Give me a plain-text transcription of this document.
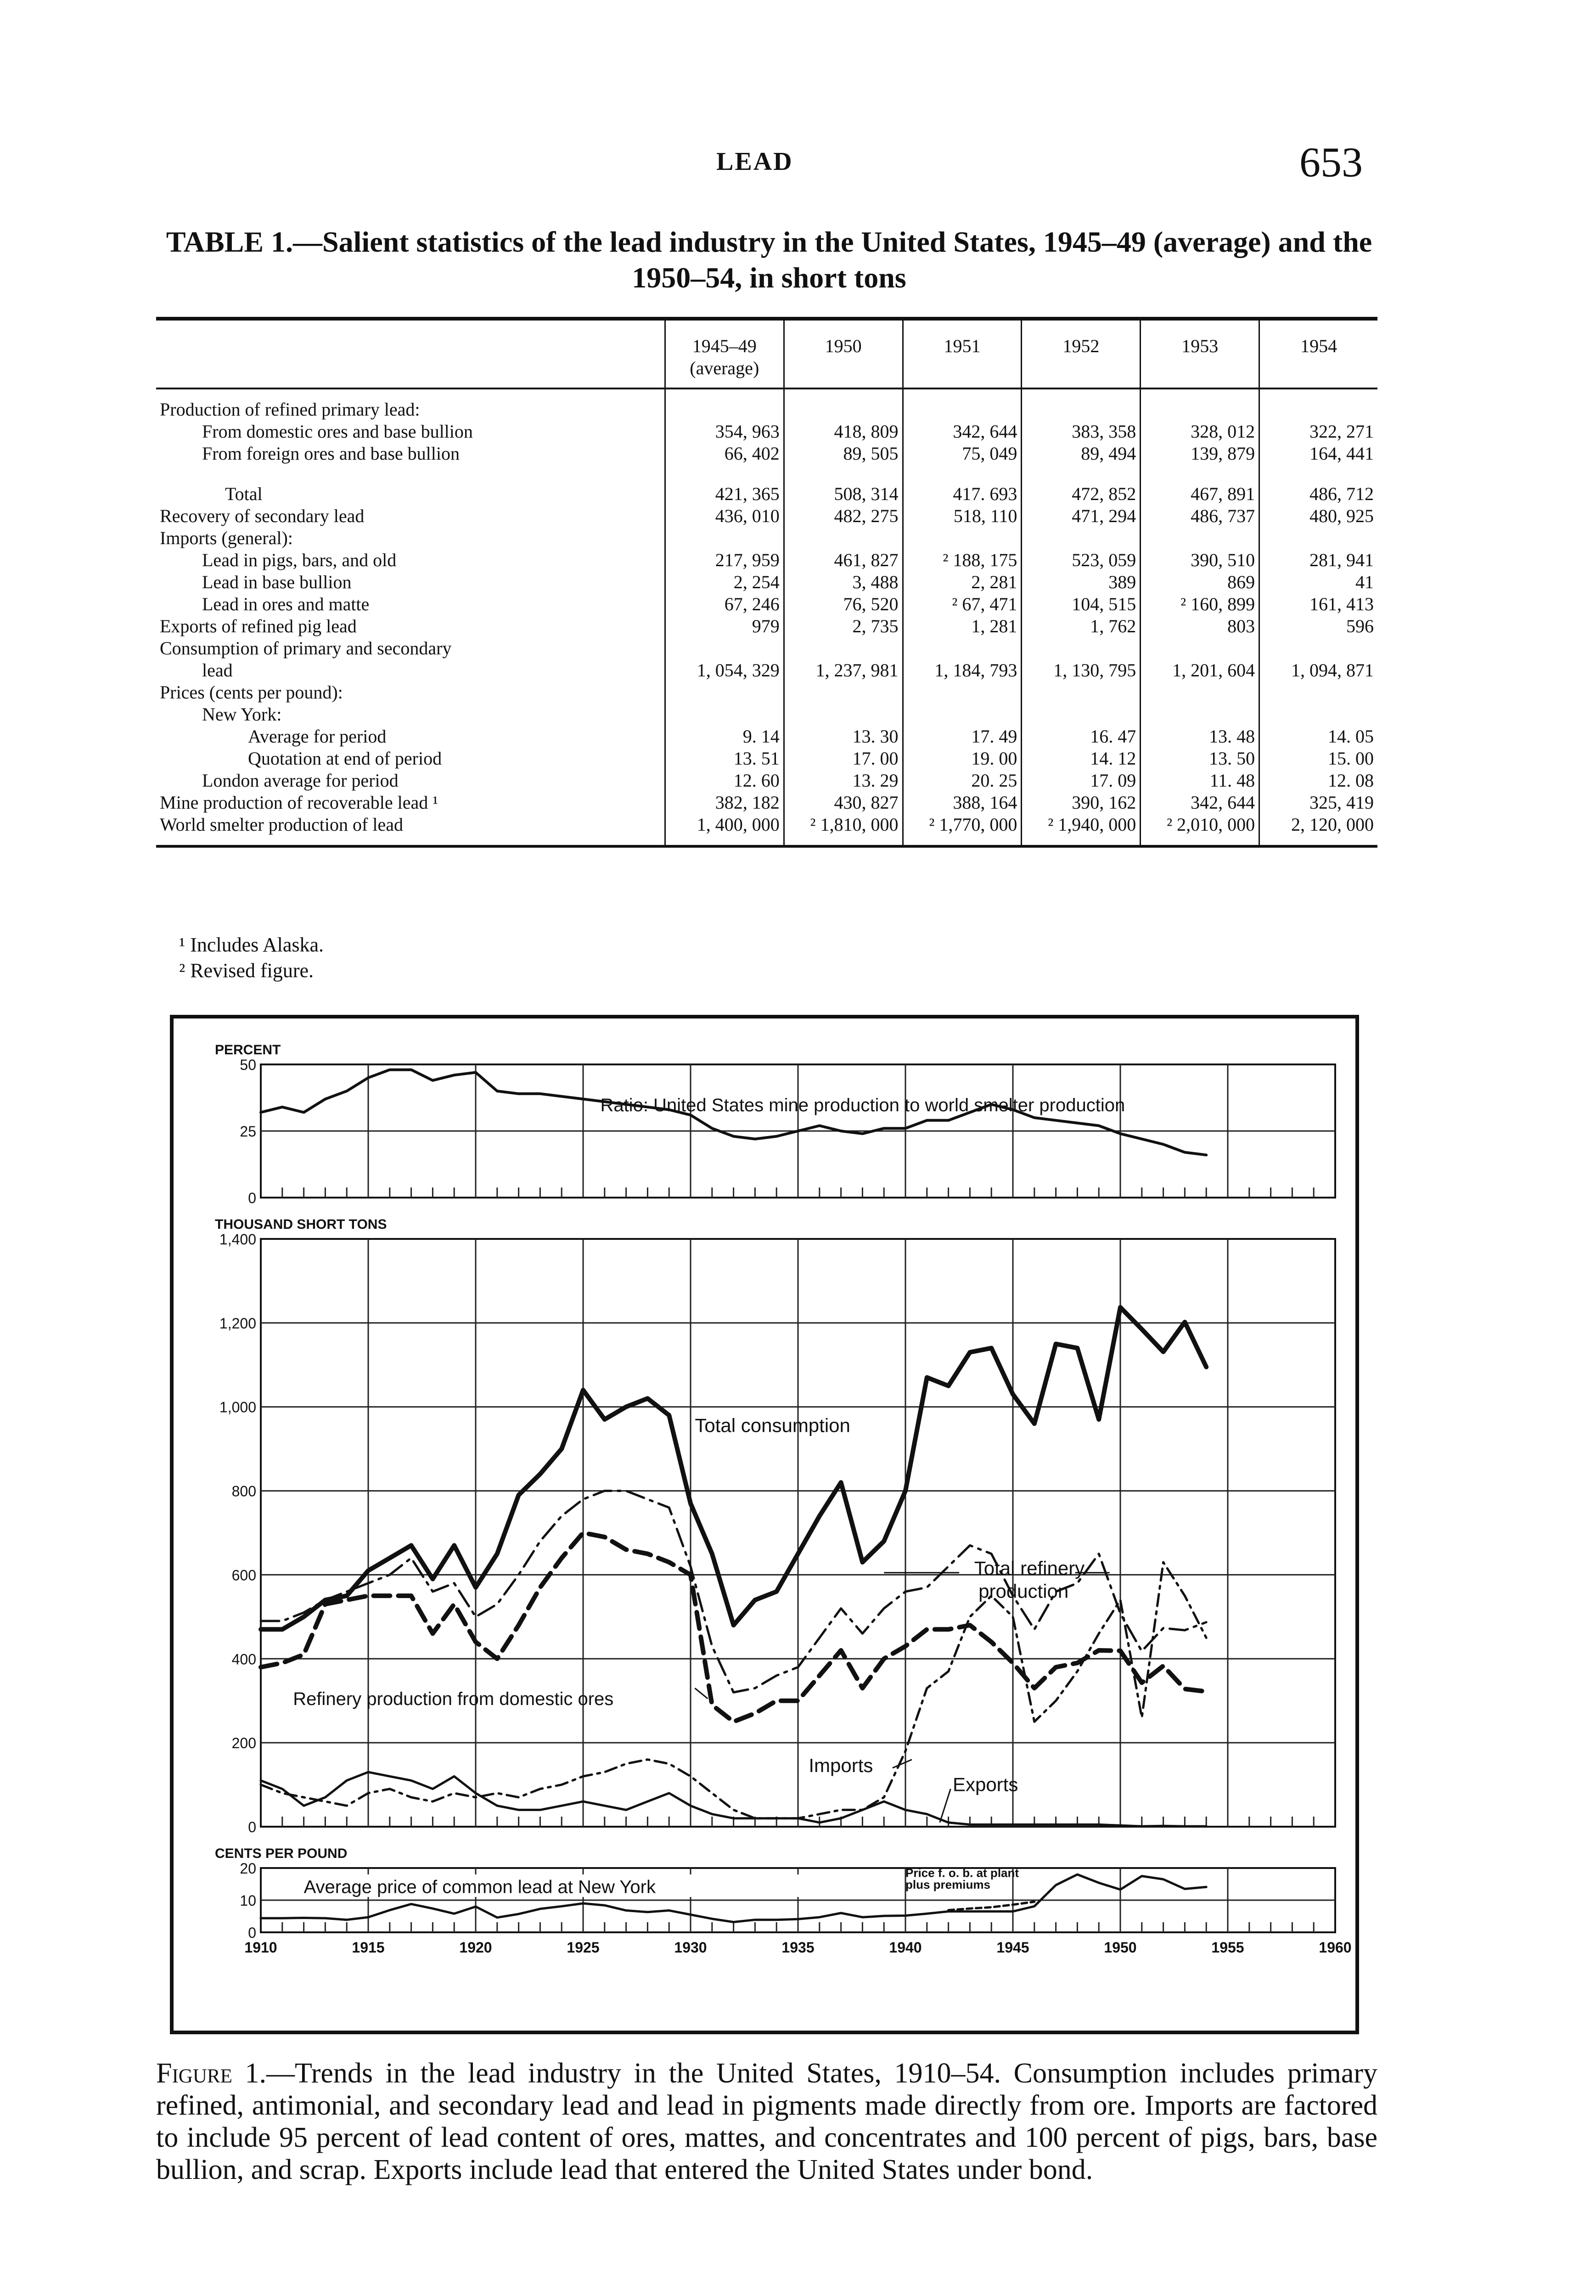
LEAD	653
TABLE 1.—Salient statistics of the lead industry in the United States, 1945–49 (average) and the 1950–54, in short tons
	1945–49 (average)	1950	1951	1952	1953	1954
Production of refined primary lead:						
From domestic ores and base bullion	354, 963	418, 809	342, 644	383, 358	328, 012	322, 271
From foreign ores and base bullion	66, 402	89, 505	75, 049	89, 494	139, 879	164, 441

Total	421, 365	508, 314	417. 693	472, 852	467, 891	486, 712
Recovery of secondary lead	436, 010	482, 275	518, 110	471, 294	486, 737	480, 925
Imports (general):						
Lead in pigs, bars, and old	217, 959	461, 827	² 188, 175	523, 059	390, 510	281, 941
Lead in base bullion	2, 254	3, 488	2, 281	389	869	41
Lead in ores and matte	67, 246	76, 520	² 67, 471	104, 515	² 160, 899	161, 413
Exports of refined pig lead	979	2, 735	1, 281	1, 762	803	596
Consumption of primary and secondary						
lead	1, 054, 329	1, 237, 981	1, 184, 793	1, 130, 795	1, 201, 604	1, 094, 871
Prices (cents per pound):						
New York:						
Average for period	9. 14	13. 30	17. 49	16. 47	13. 48	14. 05
Quotation at end of period	13. 51	17. 00	19. 00	14. 12	13. 50	15. 00
London average for period	12. 60	13. 29	20. 25	17. 09	11. 48	12. 08
Mine production of recoverable lead ¹	382, 182	430, 827	388, 164	390, 162	342, 644	325, 419
World smelter production of lead	1, 400, 000	² 1,810, 000	² 1,770, 000	² 1,940, 000	² 2,010, 000	2, 120, 000
¹ Includes Alaska.
² Revised figure.
0
25
50
PERCENT
0
200
400
600
800
1,000
1,200
1,400
THOUSAND SHORT TONS
0
10
20
CENTS PER POUND
Ratio: United States mine production to world smelter production
Total consumption
Total refinery
production
Refinery production from domestic ores
Imports
Exports
Average price of common lead at New York
Price f. o. b. at plant
plus premiums
1910	1915	1920	1925	1930	1935	1940	1945	1950	1955	1960
Figure 1.—Trends in the lead industry in the United States, 1910–54. Consumption includes primary refined, antimonial, and secondary lead and lead in pigments made directly from ore. Imports are factored to include 95 percent of lead content of ores, mattes, and concentrates and 100 percent of pigs, bars, base bullion, and scrap. Exports include lead that entered the United States under bond.
